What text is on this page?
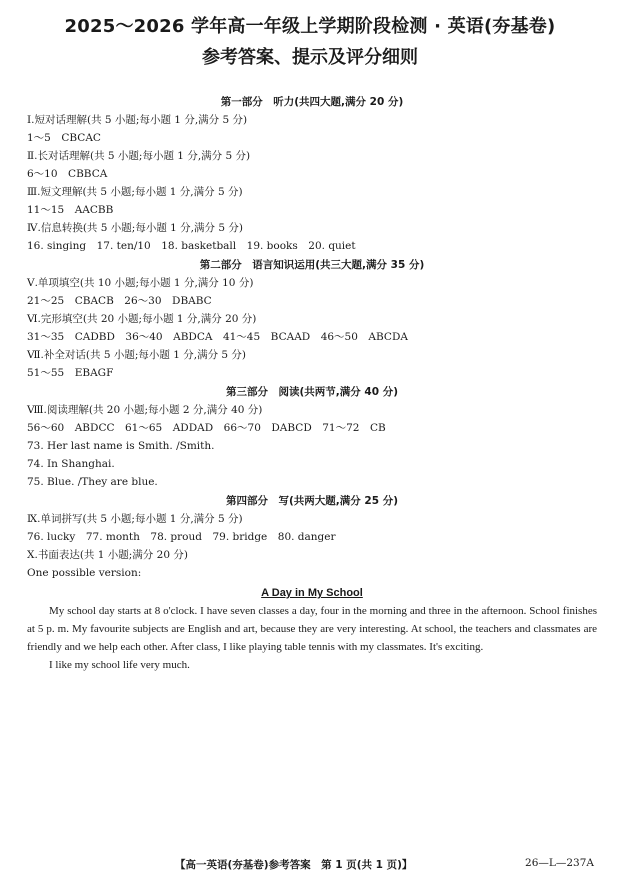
2025～2026 学年高一年级上学期阶段检测 · 英语(夯基卷)
参考答案、提示及评分细则
第一部分　听力(共四大题,满分 20 分)
Ⅰ.短对话理解(共 5 小题;每小题 1 分,满分 5 分)
1～5　CBCAC
Ⅱ.长对话理解(共 5 小题;每小题 1 分,满分 5 分)
6～10　CBBCA
Ⅲ.短文理解(共 5 小题;每小题 1 分,满分 5 分)
11～15　AACBB
Ⅳ.信息转换(共 5 小题;每小题 1 分,满分 5 分)
16. singing　17. ten/10　18. basketball　19. books　20. quiet
第二部分　语言知识运用(共三大题,满分 35 分)
Ⅴ.单项填空(共 10 小题;每小题 1 分,满分 10 分)
21～25　CBACB　26～30　DBABC
Ⅵ.完形填空(共 20 小题;每小题 1 分,满分 20 分)
31～35　CADBD　36～40　ABDCA　41～45　BCAAD　46～50　ABCDA
Ⅶ.补全对话(共 5 小题;每小题 1 分,满分 5 分)
51～55　EBAGF
第三部分　阅读(共两节,满分 40 分)
Ⅷ.阅读理解(共 20 小题;每小题 2 分,满分 40 分)
56～60　ABDCC　61～65　ADDAD　66～70　DABCD　71～72　CB
73. Her last name is Smith. /Smith.
74. In Shanghai.
75. Blue. /They are blue.
第四部分　写(共两大题,满分 25 分)
Ⅸ.单词拼写(共 5 小题;每小题 1 分,满分 5 分)
76. lucky　77. month　78. proud　79. bridge　80. danger
Ⅹ.书面表达(共 1 小题;满分 20 分)
One possible version:
A Day in My School
My school day starts at 8 o'clock. I have seven classes a day, four in the morning and three in the afternoon. School finishes at 5 p. m. My favourite subjects are English and art, because they are very interesting. At school, the teachers and classmates are friendly and we help each other. After class, I like playing table tennis with my classmates. It's exciting.
I like my school life very much.
【高一英语(夯基卷)参考答案　第 1 页(共 1 页)】	26—L—237A
